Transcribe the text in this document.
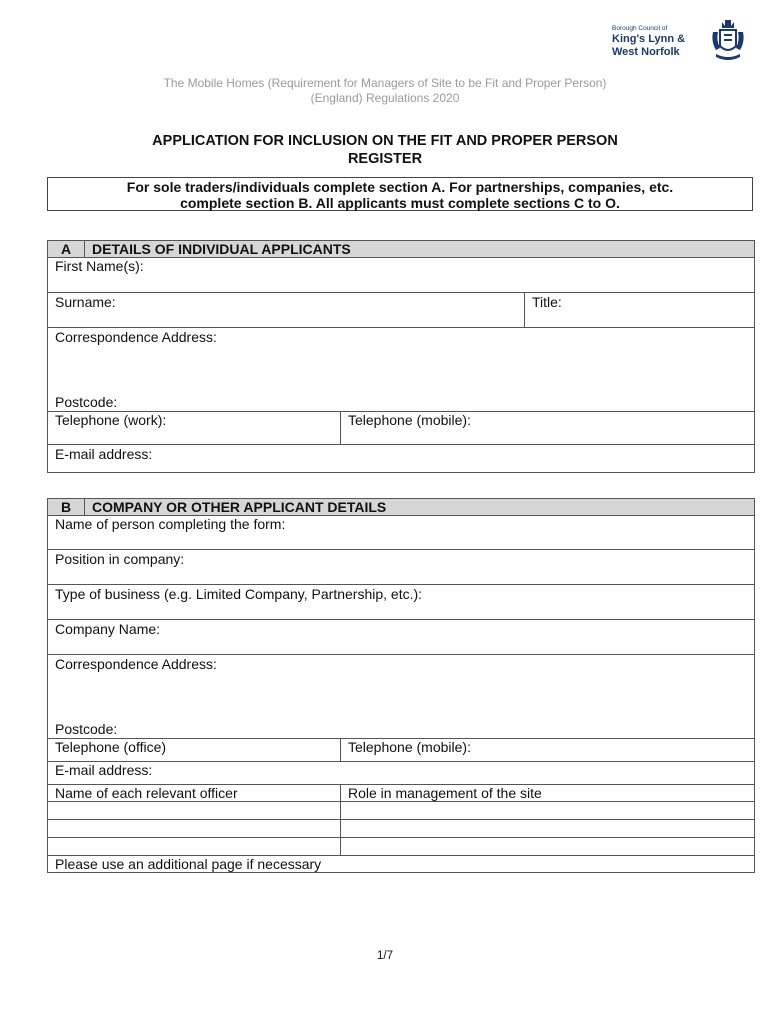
Borough Council of
King's Lynn &
West Norfolk
The Mobile Homes (Requirement for Managers of Site to be Fit and Proper Person)
(England) Regulations 2020
APPLICATION FOR INCLUSION ON THE FIT AND PROPER PERSON
REGISTER
For sole traders/individuals complete section A. For partnerships, companies, etc.
complete section B. All applicants must complete sections C to O.
A	DETAILS OF INDIVIDUAL APPLICANTS		
First Name(s):			
Surname:			Title:

Correspondence Address:
Postcode:			

Telephone (work):		Telephone (mobile):	
E-mail address:			
B	COMPANY OR OTHER APPLICANT DETAILS	
Name of person completing the form:		
Position in company:		
Type of business (e.g. Limited Company, Partnership, etc.):		
Company Name:		

Correspondence Address:
Postcode:		

Telephone (office)		Telephone (mobile):
E-mail address:		
Name of each relevant officer		Role in management of the site

Please use an additional page if necessary		
1/7
